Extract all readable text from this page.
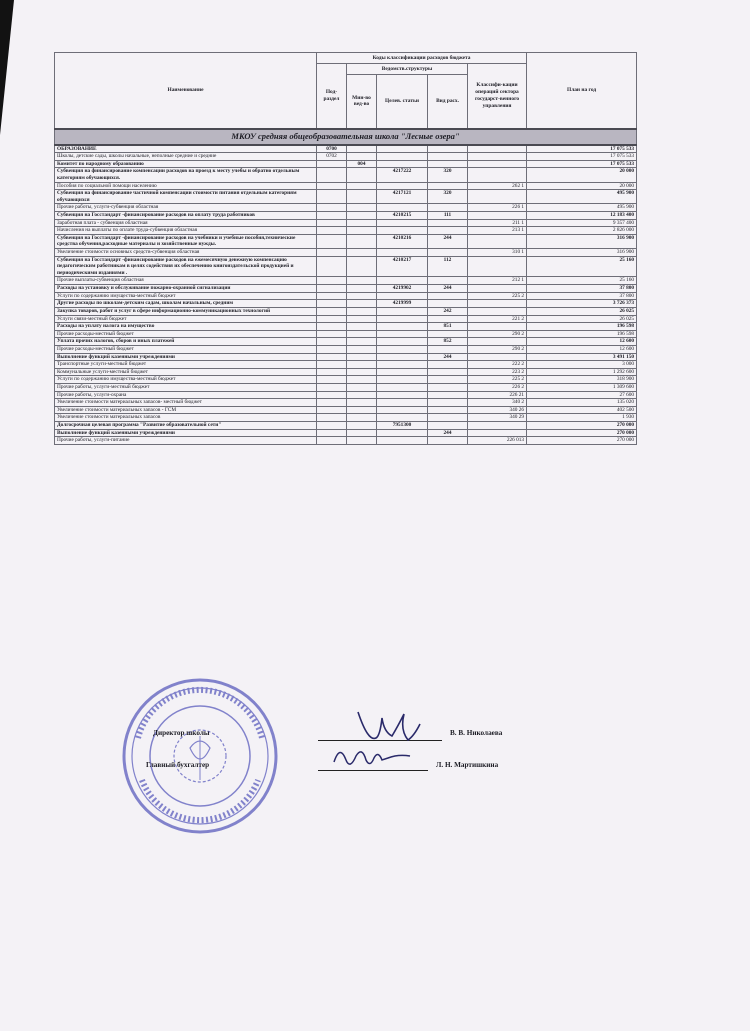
Наименование	Коды классификации расходов бюджета					План на год
	Под-раздел	Ведомств.структуры			Классифи-кации операций сектора государст-венного управления	
		Мин-во вед-во	Целев. статьи	Вид расх.		
МКОУ средняя общеобразовательная школа "Лесные озера"						
ОБРАЗОВАНИЕ	0700					17 075 533
Школы, детские сады, школы начальные, неполные средние и средние	0702					17 075 533
Комитет по народному образованию		004				17 075 533
Субвенция на финансирование компенсации расходов на проезд к месту учебы и обратно отдельным категориям обучающихся.			4217222	320		20 000
Пособия по социальной помощи населению					262 1	20 000
Субвенция на финансирование частичной компенсации стоимости питания отдельным категориям обучающихся			4217121	320		495 900
Прочие работы, услуги-субвенция областная					226 1	495 900
Субвенция на Госстандарт -финансирование расходов на оплату труда работников			4210215	111		12 183 400
Заработная плата - субвенция областная					211 1	9 357 400
Начисления на выплаты по оплате труда-субвенция областная					213 1	2 826 000
Субвенция на Госстандарт -финансирование расходов на учебники и учебные пособия,технические средства обучения,расходные материалы и хозяйственные нужды.			4210216	244		316 900
Увеличение стоимости основных средств-субвенция областная					310 1	316 900
Субвенция на Госстандарт -финансирование расходов на ежемесячную денежную компенсацию педагогическим работникам в целях содействия их обеспечению книгоиздательской продукцией и периодическими изданиями .			4210217	112		25 160
Прочие выплаты-субвенция областная					212 1	25 160
Расходы на установку и обслуживание пожарно-охранной сигнализации			4219902	244		37 800
Услуги по содержанию имущества-местный бюджет					225 2	37 800
Другие расходы по школам-детским садам, школам начальным, средним			4219999			3 726 373
Закупка товаров, работ и услуг в сфере информационно-коммуникационных технологий				242		26 025
Услуги связи-местный бюджет					221 2	26 025
Расходы на уплату налога на имущество				851		196 598
Прочие расходы-местный бюджет					290 2	196 598
Уплата прочих налогов, сборов и иных платежей				852		12 600
Прочие расходы-местный бюджет					290 2	12 600
Выполнение функций казенными учреждениями				244		3 491 150
Транспортные услуги-местный бюджет					222 2	3 000
Коммунальные услуги-местный бюджет					223 2	1 292 600
Услуги по содержанию имущества-местный бюджет					225 2	318 900
Прочие работы, услуги-местный бюджет					226 2	1 309 600
Прочие работы, услуги-охрана					226 21	27 600
Увеличение стоимости материальных запасов- местный бюджет					340 2	135 020
Увеличение стоимости материальных запасов - ГСМ					340 26	402 500
Увеличение стоимости материальных запасов					340 29	1 930
Долгосрочная целевая программа "Развитие образовательной сети"			7951300			270 000
Выполнение функций казенными учреждениями				244		270 000
Прочие работы, услуги-питание					226 013	270 000
Директор школы	В. В. Николаева
Главный бухгалтер	Л. Н. Мартишкина
